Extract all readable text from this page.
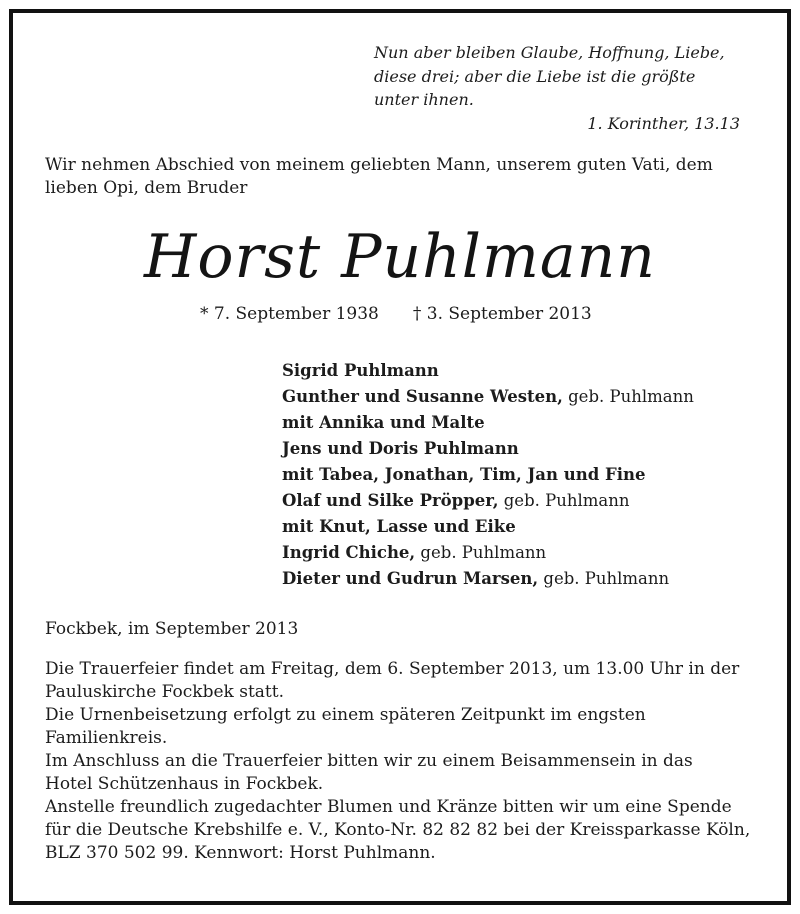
Nun aber bleiben Glaube, Hoffnung, Liebe,
diese drei; aber die Liebe ist die größte
unter ihnen.
1. Korinther, 13.13
Wir nehmen Abschied von meinem geliebten Mann, unserem guten Vati, dem
lieben Opi, dem Bruder
Horst Puhlmann
* 7. September 1938 † 3. September 2013
Sigrid Puhlmann
Gunther und Susanne Westen, geb. Puhlmann
mit Annika und Malte
Jens und Doris Puhlmann
mit Tabea, Jonathan, Tim, Jan und Fine
Olaf und Silke Pröpper, geb. Puhlmann
mit Knut, Lasse und Eike
Ingrid Chiche, geb. Puhlmann
Dieter und Gudrun Marsen, geb. Puhlmann
Fockbek, im September 2013
Die Trauerfeier findet am Freitag, dem 6. September 2013, um 13.00 Uhr in der
Pauluskirche Fockbek statt.
Die Urnenbeisetzung erfolgt zu einem späteren Zeitpunkt im engsten
Familienkreis.
Im Anschluss an die Trauerfeier bitten wir zu einem Beisammensein in das
Hotel Schützenhaus in Fockbek.
Anstelle freundlich zugedachter Blumen und Kränze bitten wir um eine Spende
für die Deutsche Krebshilfe e. V., Konto-Nr. 82 82 82 bei der Kreissparkasse Köln,
BLZ 370 502 99. Kennwort: Horst Puhlmann.
